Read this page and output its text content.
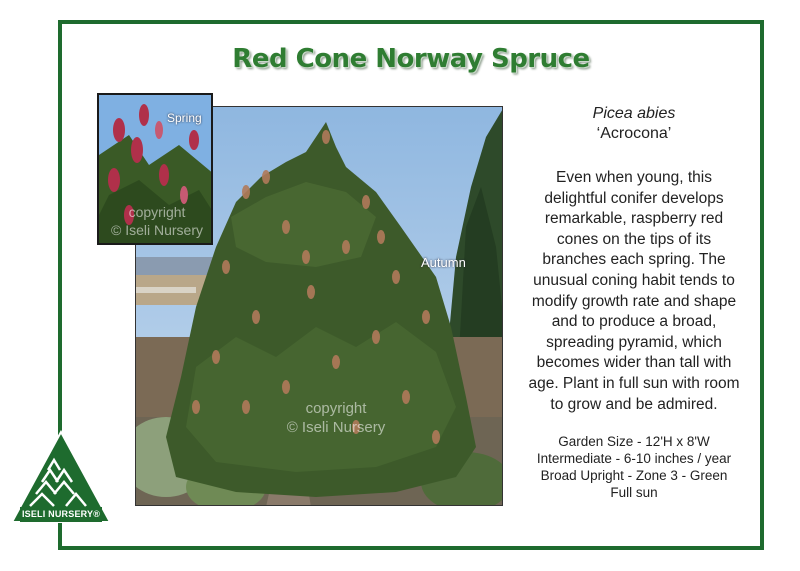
Red Cone Norway Spruce
Autumn
copyright
© Iseli Nursery
Spring
copyright
© Iseli Nursery
Picea abies
‘Acrocona’

Even when young, this delightful conifer develops remarkable, raspberry red cones on the tips of its branches each spring. The unusual coning habit tends to modify growth rate and shape and to produce a broad, spreading pyramid, which becomes wider than tall with age. Plant in full sun with room to grow and be admired.

Garden Size - 12'H x 8'W
Intermediate - 6-10 inches / year
Broad Upright - Zone 3 - Green
Full sun
ISELI NURSERY®
